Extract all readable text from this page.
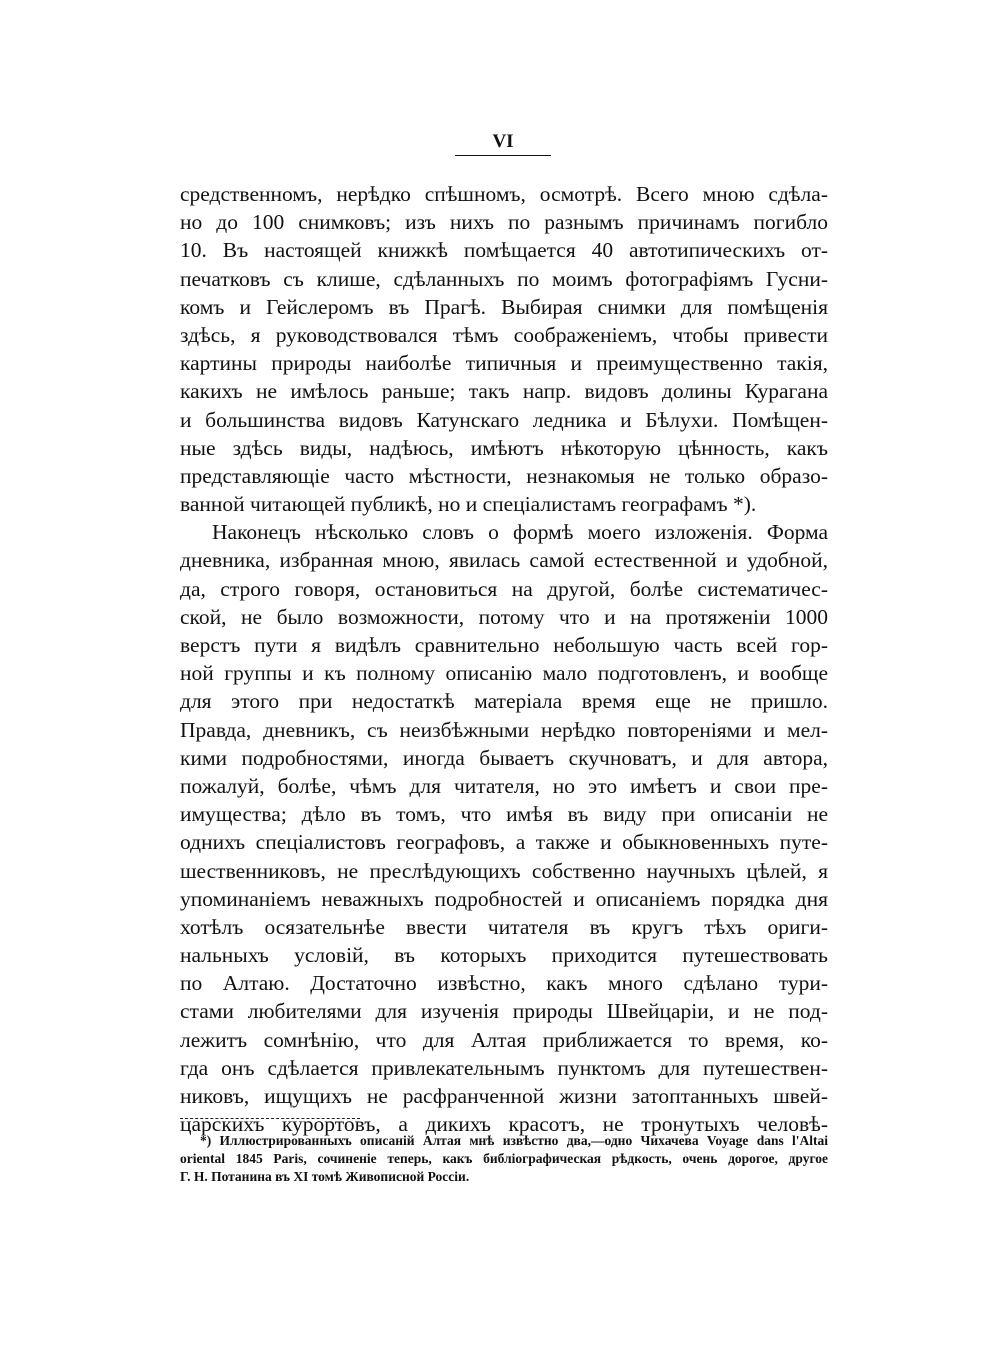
VI
средственномъ, нерѣдко спѣшномъ, осмотрѣ. Всего мною сдѣла-
но до 100 снимковъ; изъ нихъ по разнымъ причинамъ погибло
10. Въ настоящей книжкѣ помѣщается 40 автотипическихъ от-
печатковъ съ клише, сдѣланныхъ по моимъ фотографіямъ Гусни-
комъ и Гейслеромъ въ Прагѣ. Выбирая снимки для помѣщенія
здѣсь, я руководствовался тѣмъ соображеніемъ, чтобы привести
картины природы наиболѣе типичныя и преимущественно такія,
какихъ не имѣлось раньше; такъ напр. видовъ долины Курагана
и большинства видовъ Катунскаго ледника и Бѣлухи. Помѣщен-
ные здѣсь виды, надѣюсь, имѣютъ нѣкоторую цѣнность, какъ
представляющіе часто мѣстности, незнакомыя не только образо-
ванной читающей публикѣ, но и спеціалистамъ географамъ *).
Наконецъ нѣсколько словъ о формѣ моего изложенія. Форма
дневника, избранная мною, явилась самой естественной и удобной,
да, строго говоря, остановиться на другой, болѣе систематичес-
ской, не было возможности, потому что и на протяженіи 1000
верстъ пути я видѣлъ сравнительно небольшую часть всей гор-
ной группы и къ полному описанію мало подготовленъ, и вообще
для этого при недостаткѣ матеріала время еще не пришло.
Правда, дневникъ, съ неизбѣжными нерѣдко повтореніями и мел-
кими подробностями, иногда бываетъ скучноватъ, и для автора,
пожалуй, болѣе, чѣмъ для читателя, но это имѣетъ и свои пре-
имущества; дѣло въ томъ, что имѣя въ виду при описаніи не
однихъ спеціалистовъ географовъ, а также и обыкновенныхъ путе-
шественниковъ, не преслѣдующихъ собственно научныхъ цѣлей, я
упоминаніемъ неважныхъ подробностей и описаніемъ порядка дня
хотѣлъ осязательнѣе ввести читателя въ кругъ тѣхъ ориги-
нальныхъ условій, въ которыхъ приходится путешествовать
по Алтаю. Достаточно извѣстно, какъ много сдѣлано тури-
стами любителями для изученія природы Швейцаріи, и не под-
лежитъ сомнѣнію, что для Алтая приближается то время, ко-
гда онъ сдѣлается привлекательнымъ пунктомъ для путешествен-
никовъ, ищущихъ не расфранченной жизни затоптанныхъ швей-
царскихъ курортовъ, а дикихъ красотъ, не тронутыхъ человѣ-
*) Иллюстрированныхъ описаній Алтая мнѣ извѣстно два,—одно Чихачева Voyage dans l'Altai
oriental 1845 Paris, сочиненіе теперь, какъ библіографическая рѣдкость, очень дорогое, другое
Г. Н. Потанина въ XI томѣ Живописной Россіи.
